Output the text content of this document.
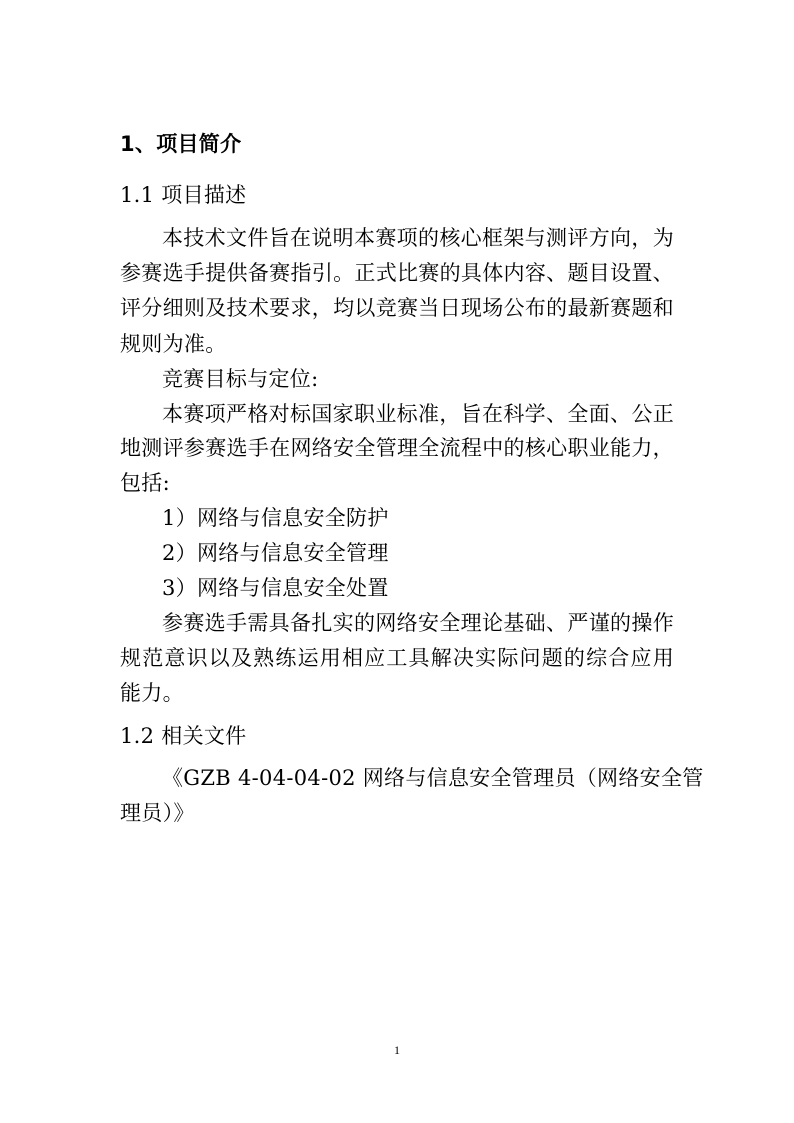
1、项目简介
1.1 项目描述
本技术文件旨在说明本赛项的核心框架与测评方向，为
参赛选手提供备赛指引。正式比赛的具体内容、题目设置、
评分细则及技术要求，均以竞赛当日现场公布的最新赛题和
规则为准。
竞赛目标与定位:
本赛项严格对标国家职业标准，旨在科学、全面、公正
地测评参赛选手在网络安全管理全流程中的核心职业能力，
包括:
1）网络与信息安全防护
2）网络与信息安全管理
3）网络与信息安全处置
参赛选手需具备扎实的网络安全理论基础、严谨的操作
规范意识以及熟练运用相应工具解决实际问题的综合应用
能力。
1.2 相关文件
《GZB 4-04-04-02 网络与信息安全管理员（网络安全管
理员）》
1
